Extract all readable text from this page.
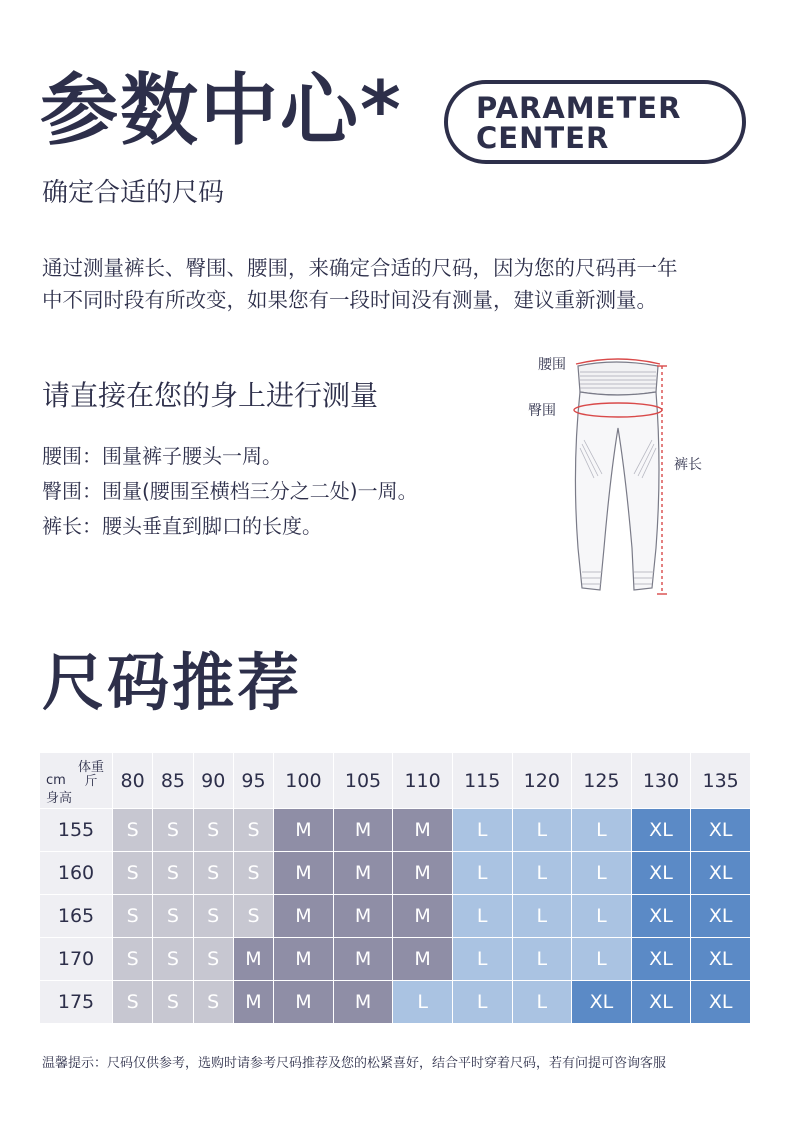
参数中心*
确定合适的尺码
PARAMETER
CENTER
通过测量裤长、臀围、腰围，来确定合适的尺码，因为您的尺码再一年
中不同时段有所改变，如果您有一段时间没有测量，建议重新测量。
请直接在您的身上进行测量
腰围：围量裤子腰头一周。
臀围：围量(腰围至横档三分之二处)一周。
裤长：腰头垂直到脚口的长度。
腰围
臀围
裤长
尺码推荐
体重斤
cm
身高	80	85	90	95	100	105	110	115	120	125	130	135
155	S	S	S	S	M	M	M	L	L	L	XL	XL
160	S	S	S	S	M	M	M	L	L	L	XL	XL
165	S	S	S	S	M	M	M	L	L	L	XL	XL
170	S	S	S	M	M	M	M	L	L	L	XL	XL
175	S	S	S	M	M	M	L	L	L	XL	XL	XL
温馨提示：尺码仅供参考，选购时请参考尺码推荐及您的松紧喜好，结合平时穿着尺码，若有问提可咨询客服
